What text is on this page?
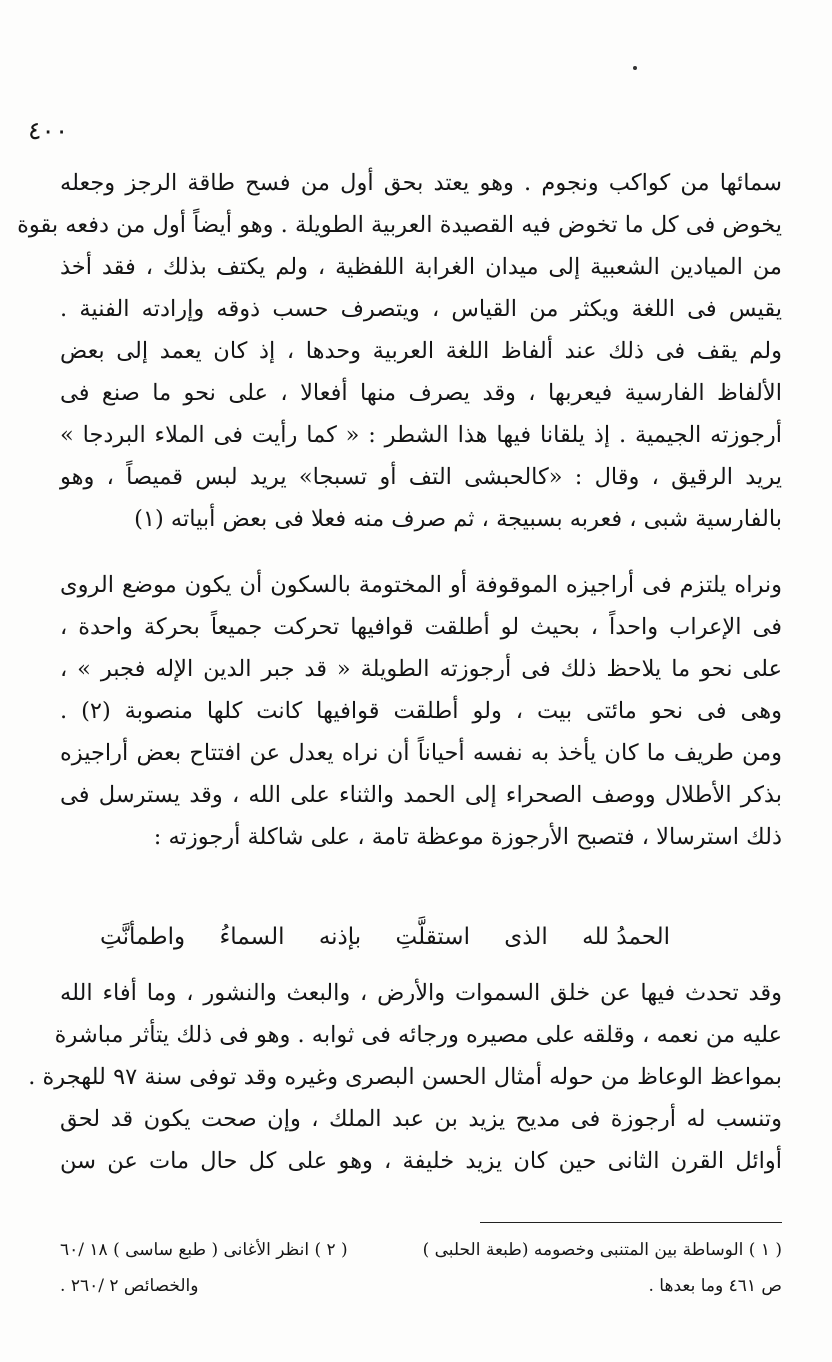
٤٠٠
سمائها من كواكب ونجوم . وهو يعتد بحق أول من فسح طاقة الرجز وجعله
يخوض فى كل ما تخوض فيه القصيدة العربية الطويلة . وهو أيضاً أول من دفعه بقوة
من الميادين الشعبية إلى ميدان الغرابة اللفظية ، ولم يكتف بذلك ، فقد أخذ
يقيس فى اللغة ويكثر من القياس ، ويتصرف حسب ذوقه وإرادته الفنية .
ولم يقف فى ذلك عند ألفاظ اللغة العربية وحدها ، إذ كان يعمد إلى بعض
الألفاظ الفارسية فيعربها ، وقد يصرف منها أفعالا ، على نحو ما صنع فى
أرجوزته الجيمية . إذ يلقانا فيها هذا الشطر : « كما رأيت فى الملاء البردجا »
يريد الرقيق ، وقال : «كالحبشى التف أو تسبجا» يريد لبس قميصاً ، وهو
بالفارسية شبى ، فعربه بسبيجة ، ثم صرف منه فعلا فى بعض أبياته (١)
ونراه يلتزم فى أراجيزه الموقوفة أو المختومة بالسكون أن يكون موضع الروى
فى الإعراب واحداً ، بحيث لو أطلقت قوافيها تحركت جميعاً بحركة واحدة ،
على نحو ما يلاحظ ذلك فى أرجوزته الطويلة « قد جبر الدين الإله فجبر » ،
وهى فى نحو مائتى بيت ، ولو أطلقت قوافيها كانت كلها منصوبة (٢) .
ومن طريف ما كان يأخذ به نفسه أحياناً أن نراه يعدل عن افتتاح بعض أراجيزه
بذكر الأطلال ووصف الصحراء إلى الحمد والثناء على الله ، وقد يسترسل فى
ذلك استرسالا ، فتصبح الأرجوزة موعظة تامة ، على شاكلة أرجوزته :
الحمدُ لله
الذى
استقلَّتِ
بإذنه
السماءُ
واطمأنَّتِ
وقد تحدث فيها عن خلق السموات والأرض ، والبعث والنشور ، وما أفاء الله
عليه من نعمه ، وقلقه على مصيره ورجائه فى ثوابه . وهو فى ذلك يتأثر مباشرة
بمواعظ الوعاظ من حوله أمثال الحسن البصرى وغيره وقد توفى سنة ٩٧ للهجرة .
وتنسب له أرجوزة فى مديح يزيد بن عبد الملك ، وإن صحت يكون قد لحق
أوائل القرن الثانى حين كان يزيد خليفة ، وهو على كل حال مات عن سن
( ١ ) الوساطة بين المتنبى وخصومه (طبعة الحلبى )
( ٢ ) انظر الأغانى ( طبع ساسى ) ١٨ /٦٠
ص ٤٦١ وما بعدها .
والخصائص ٢ /٢٦٠ .
